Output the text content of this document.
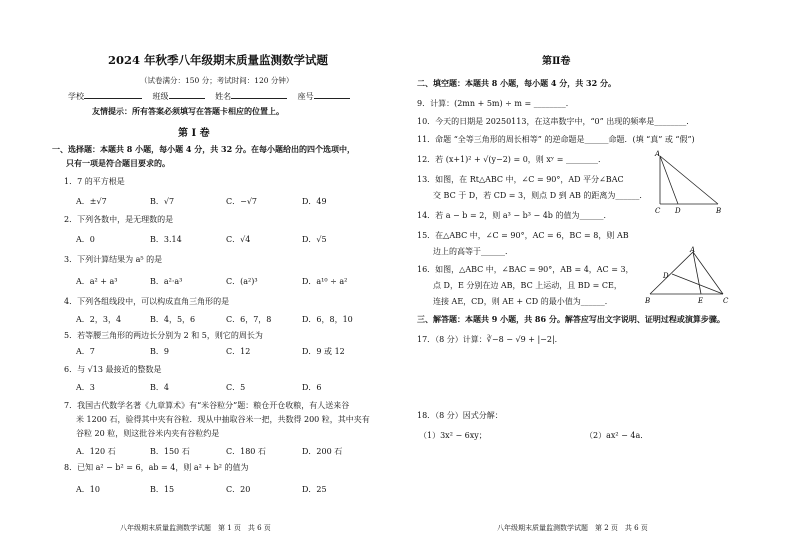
2024 年秋季八年级期末质量监测数学试题
（试卷满分：150 分；考试时间：120 分钟）
学校	班级	姓名	座号
友情提示：所有答案必须填写在答题卡相应的位置上。
第 Ⅰ 卷
一、选择题：本题共 8 小题，每小题 4 分，共 32 分。在每小题给出的四个选项中，
只有一项是符合题目要求的。
1．7 的平方根是
A．±√7	B．√7	C．−√7	D．49
2．下列各数中，是无理数的是
A．0	B．3.14	C．√4	D．√5
3．下列计算结果为 a⁵ 的是
A．a² + a³	B．a²·a³	C．(a²)³	D．a¹⁰ ÷ a²
4．下列各组线段中，可以构成直角三角形的是
A．2，3，4	B．4，5，6	C．6，7，8	D．6，8，10
5．若等腰三角形的两边长分别为 2 和 5，则它的周长为
A．7	B．9	C．12	D．9 或 12
6．与 √13 最接近的整数是
A．3	B．4	C．5	D．6
7．我国古代数学名著《九章算术》有“米谷粒分”题：粮仓开仓收粮，有人送来谷
米 1200 石，验得其中夹有谷粒．现从中抽取谷米一把，共数得 200 粒，其中夹有
谷粒 20 粒，则这批谷米内夹有谷粒约是
A．120 石	B．150 石	C．180 石	D．200 石
8．已知 a² − b² = 6，ab = 4，则 a² + b² 的值为
A．10	B．15	C．20	D．25
八年级期末质量监测数学试题　第 1 页　共 6 页
第Ⅱ卷
二、填空题：本题共 8 小题，每小题 4 分，共 32 分。
9．计算：(2mn + 5m) ÷ m = ________．
10．今天的日期是 20250113，在这串数字中，“0” 出现的频率是________．
11．命题 “全等三角形的周长相等” 的逆命题是______命题．(填 “真” 或 “假”)
12．若 (x+1)² + √(y−2) = 0，则 xʸ = ________．
13．如图，在 Rt△ABC 中，∠C = 90°，AD 平分∠BAC
交 BC 于 D，若 CD = 3，则点 D 到 AB 的距离为______．
A
C D	B
14．若 a − b = 2，则 a³ − b³ − 4b 的值为______．
15．在△ABC 中，∠C = 90°，AC = 6，BC = 8，则 AB
边上的高等于______．
16．如图，△ABC 中，∠BAC = 90°，AB = 4，AC = 3，
点 D，E 分别在边 AB，BC 上运动，且 BD = CE，
连接 AE，CD，则 AE + CD 的最小值为______．
A
D
B	E	C
三、解答题：本题共 9 小题，共 86 分。解答应写出文字说明、证明过程或演算步骤。
17．（8 分）计算：∛−8 − √9 + |−2|．
18．（8 分）因式分解：
（1）3x² − 6xy；	（2）ax² − 4a．
八年级期末质量监测数学试题　第 2 页　共 6 页
